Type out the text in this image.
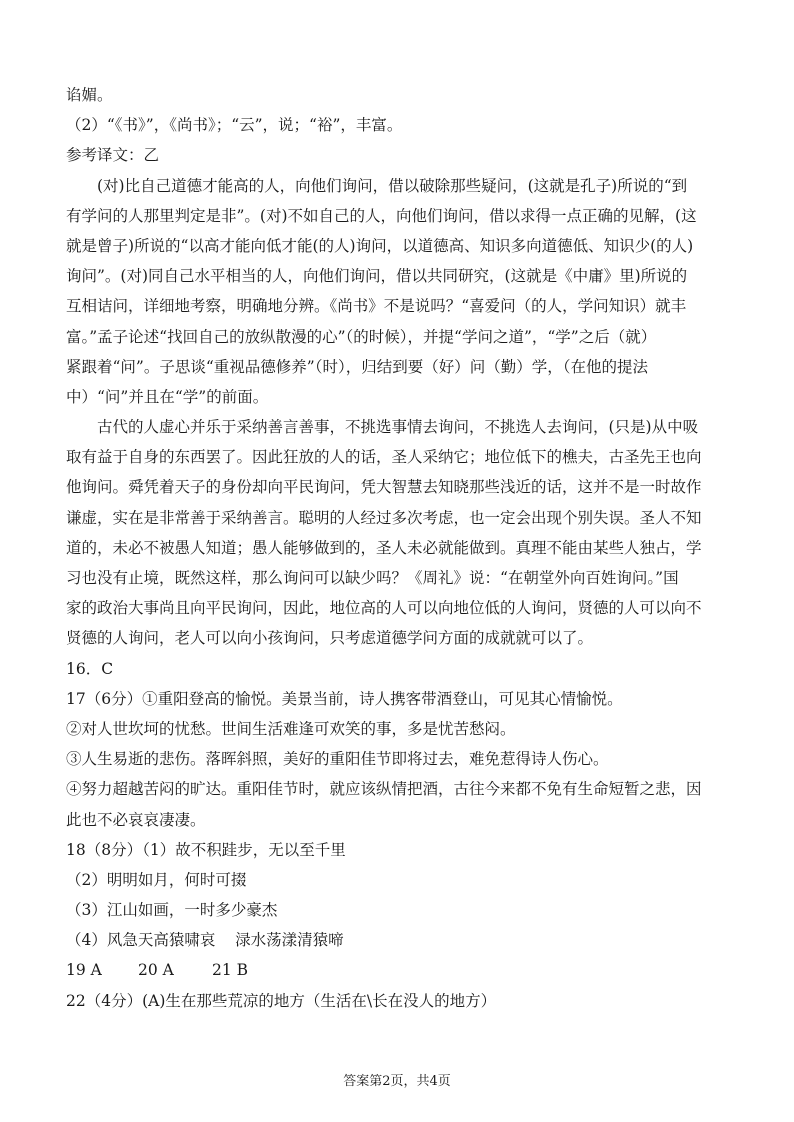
谄媚。
（2）“《书》”，《尚书》；“云”，说；“裕”，丰富。
参考译文：乙
(对)比自己道德才能高的人，向他们询问，借以破除那些疑问，(这就是孔子)所说的“到
有学问的人那里判定是非”。(对)不如自己的人，向他们询问，借以求得一点正确的见解，(这
就是曾子)所说的“以高才能向低才能(的人)询问，以道德高、知识多向道德低、知识少(的人)
询问”。(对)同自己水平相当的人，向他们询问，借以共同研究，(这就是《中庸》里)所说的
互相诘问，详细地考察，明确地分辨。《尚书》不是说吗？“喜爱问（的人，学问知识）就丰
富。”孟子论述“找回自己的放纵散漫的心”（的时候），并提“学问之道”，“学”之后（就）
紧跟着“问”。子思谈“重视品德修养”（时），归结到要（好）问（勤）学，（在他的提法
中）“问”并且在“学”的前面。
古代的人虚心并乐于采纳善言善事，不挑选事情去询问，不挑选人去询问，(只是)从中吸
取有益于自身的东西罢了。因此狂放的人的话，圣人采纳它；地位低下的樵夫，古圣先王也向
他询问。舜凭着天子的身份却向平民询问，凭大智慧去知晓那些浅近的话，这并不是一时故作
谦虚，实在是非常善于采纳善言。聪明的人经过多次考虑，也一定会出现个别失误。圣人不知
道的，未必不被愚人知道；愚人能够做到的，圣人未必就能做到。真理不能由某些人独占，学
习也没有止境，既然这样，那么询问可以缺少吗？《周礼》说：“在朝堂外向百姓询问。”国
家的政治大事尚且向平民询问，因此，地位高的人可以向地位低的人询问，贤德的人可以向不
贤德的人询问，老人可以向小孩询问，只考虑道德学问方面的成就就可以了。
16．C
17（6分）①重阳登高的愉悦。美景当前，诗人携客带酒登山，可见其心情愉悦。
②对人世坎坷的忧愁。世间生活难逢可欢笑的事，多是忧苦愁闷。
③人生易逝的悲伤。落晖斜照，美好的重阳佳节即将过去，难免惹得诗人伤心。
④努力超越苦闷的旷达。重阳佳节时，就应该纵情把酒，古往今来都不免有生命短暂之悲，因
此也不必哀哀凄凄。
18（8分）（1）故不积跬步，无以至千里
（2）明明如月，何时可掇
（3）江山如画，一时多少豪杰
（4）风急天高猿啸哀    渌水荡漾清猿啼
19 A 20 A 21 B
22（4分）(A)生在那些荒凉的地方（生活在\长在没人的地方）
答案第2页，共4页
